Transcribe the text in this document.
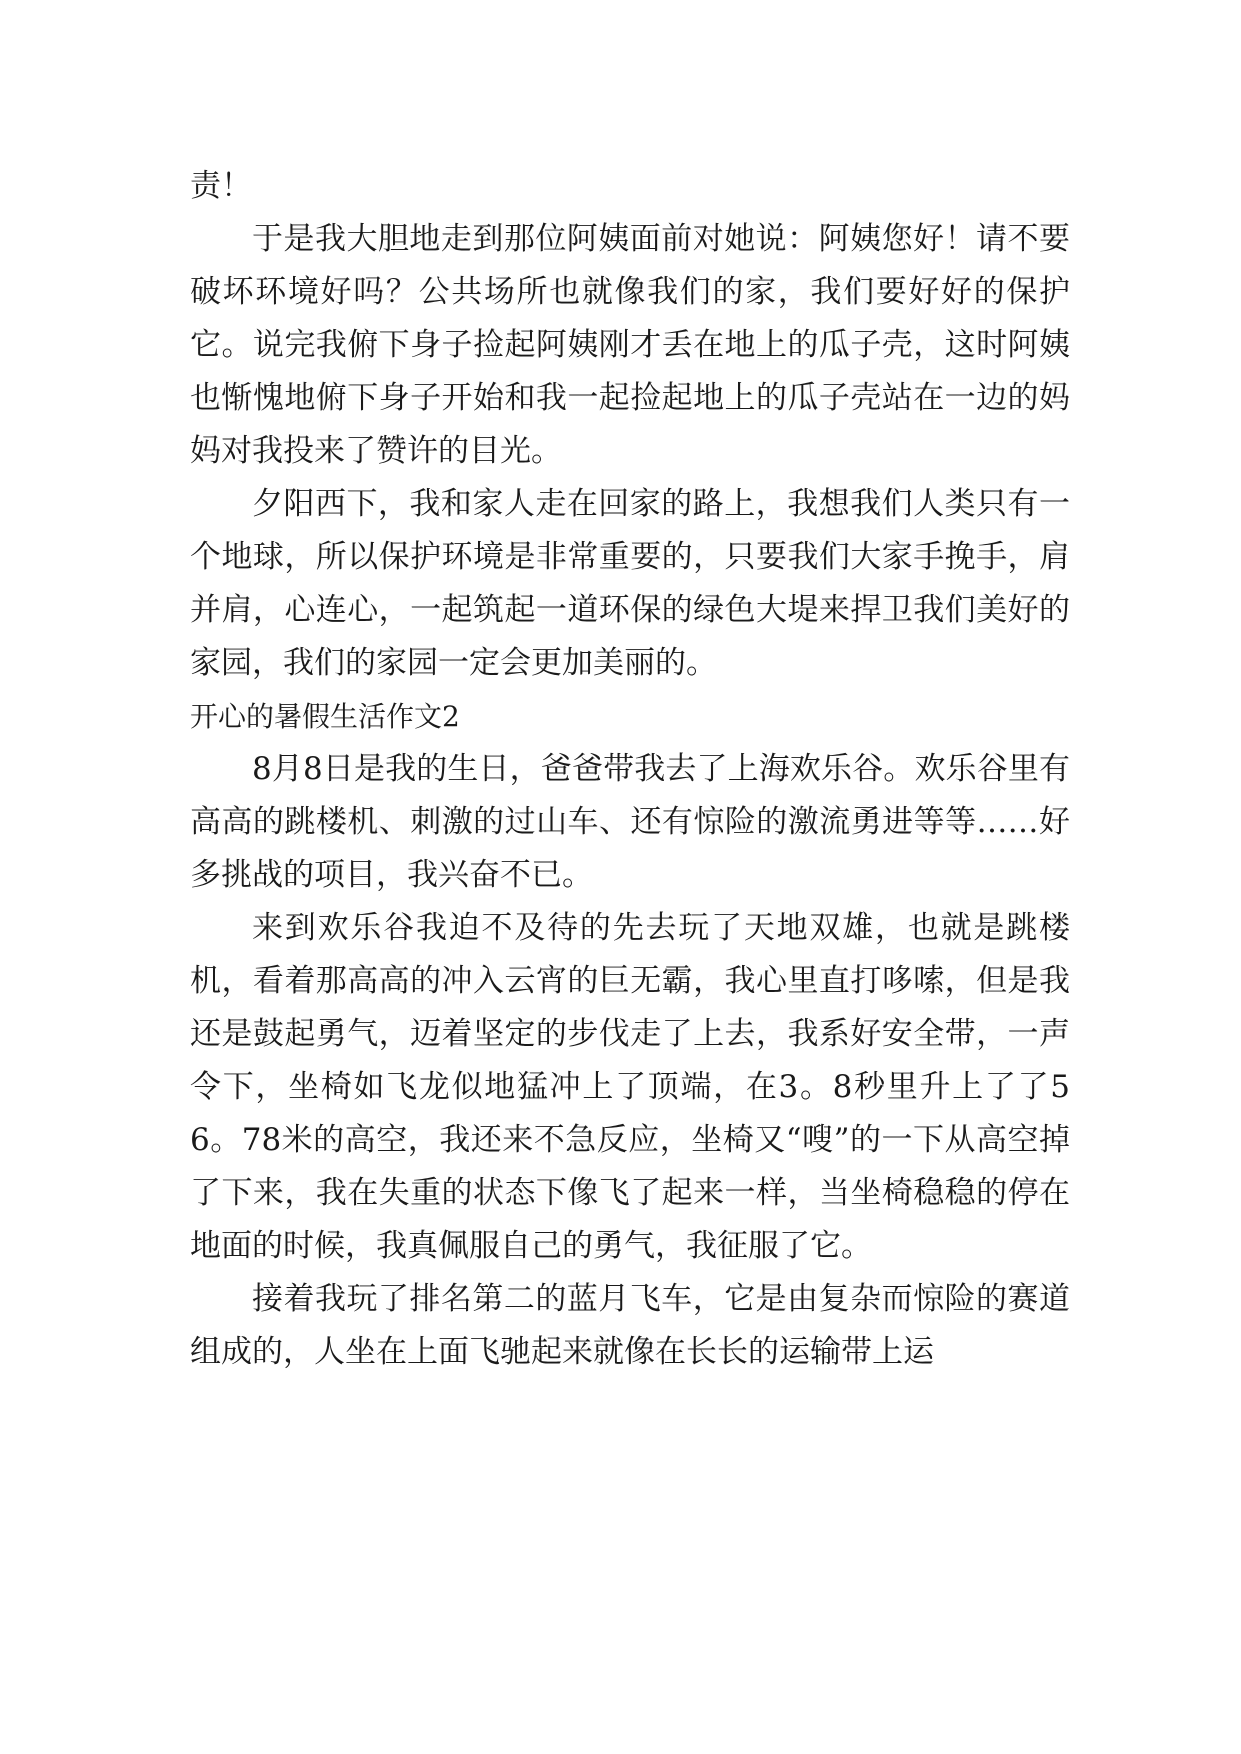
责！

于是我大胆地走到那位阿姨面前对她说：阿姨您好！请不要破坏环境好吗？公共场所也就像我们的家，我们要好好的保护它。说完我俯下身子捡起阿姨刚才丢在地上的瓜子壳，这时阿姨也惭愧地俯下身子开始和我一起捡起地上的瓜子壳站在一边的妈妈对我投来了赞许的目光。

夕阳西下，我和家人走在回家的路上，我想我们人类只有一个地球，所以保护环境是非常重要的，只要我们大家手挽手，肩并肩，心连心，一起筑起一道环保的绿色大堤来捍卫我们美好的家园，我们的家园一定会更加美丽的。

开心的暑假生活作文2

8月8日是我的生日，爸爸带我去了上海欢乐谷。欢乐谷里有高高的跳楼机、刺激的过山车、还有惊险的激流勇进等等……好多挑战的项目，我兴奋不已。

来到欢乐谷我迫不及待的先去玩了天地双雄，也就是跳楼机，看着那高高的冲入云宵的巨无霸，我心里直打哆嗦，但是我还是鼓起勇气，迈着坚定的步伐走了上去，我系好安全带，一声令下，坐椅如飞龙似地猛冲上了顶端，在3。8秒里升上了了56。78米的高空，我还来不急反应，坐椅又“嗖”的一下从高空掉了下来，我在失重的状态下像飞了起来一样，当坐椅稳稳的停在地面的时候，我真佩服自己的勇气，我征服了它。

接着我玩了排名第二的蓝月飞车，它是由复杂而惊险的赛道组成的，人坐在上面飞驰起来就像在长长的运输带上运
